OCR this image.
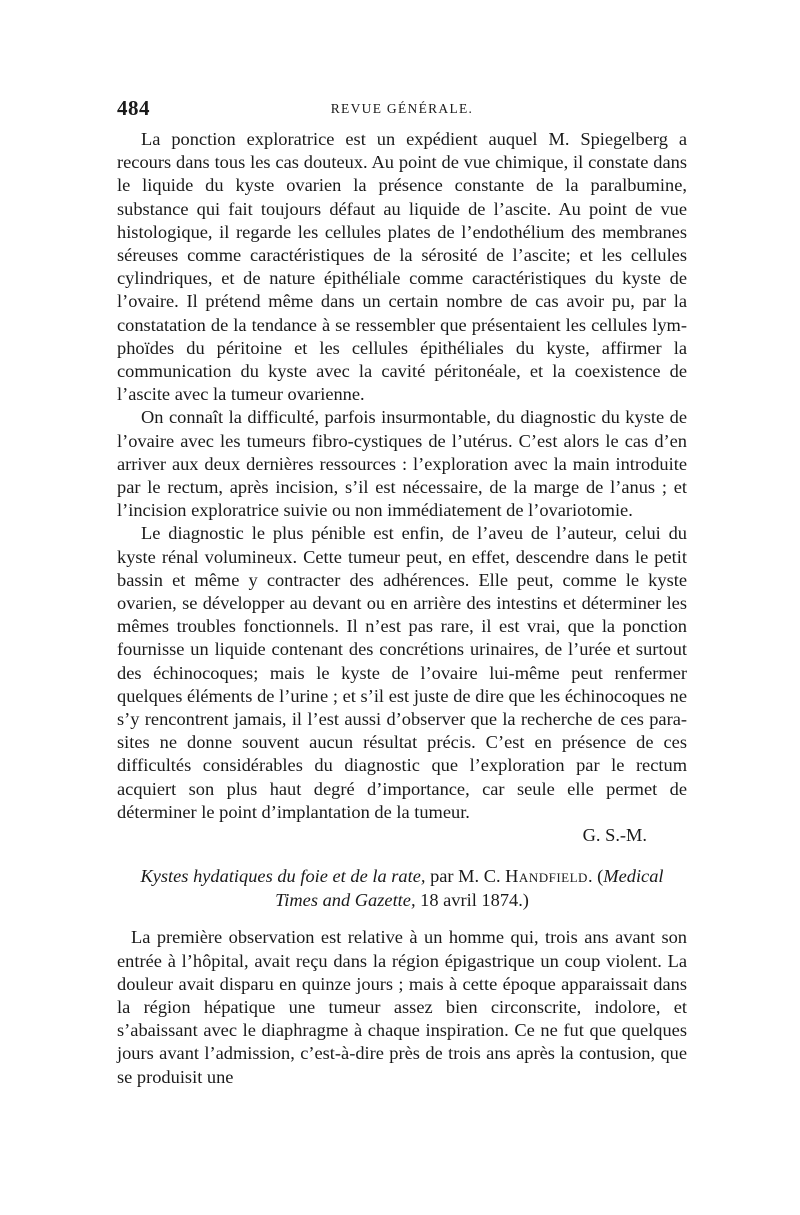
484	REVUE GÉNÉRALE.

La ponction exploratrice est un expédient auquel M. Spiegelberg a recours dans tous les cas douteux. Au point de vue chimique, il constate dans le liquide du kyste ovarien la présence constante de la paralbumine, substance qui fait toujours défaut au liquide de l’ascite. Au point de vue histologique, il regarde les cellules plates de l’endothélium des membranes séreuses comme caractéristiques de la sérosité de l’ascite; et les cellules cylindriques, et de nature épithéliale comme caractéristiques du kyste de l’ovaire. Il prétend même dans un certain nombre de cas avoir pu, par la constatation de la tendance à se ressembler que présentaient les cellules lymphoïdes du péritoine et les cellules épithéliales du kyste, affirmer la communication du kyste avec la cavité péritonéale, et la coexistence de l’ascite avec la tumeur ovarienne.

On connaît la difficulté, parfois insurmontable, du diagnostic du kyste de l’ovaire avec les tumeurs fibro-cystiques de l’utérus. C’est alors le cas d’en arriver aux deux dernières ressources : l’exploration avec la main introduite par le rectum, après incision, s’il est nécessaire, de la marge de l’anus ; et l’incision exploratrice suivie ou non immédiatement de l’ovariotomie.

Le diagnostic le plus pénible est enfin, de l’aveu de l’auteur, celui du kyste rénal volumineux. Cette tumeur peut, en effet, descendre dans le petit bassin et même y contracter des adhérences. Elle peut, comme le kyste ovarien, se développer au devant ou en arrière des intestins et déterminer les mêmes troubles fonctionnels. Il n’est pas rare, il est vrai, que la ponction fournisse un liquide contenant des concrétions urinaires, de l’urée et surtout des échinocoques; mais le kyste de l’ovaire lui-même peut renfermer quelques éléments de l’urine ; et s’il est juste de dire que les échinocoques ne s’y rencontrent jamais, il l’est aussi d’observer que la recherche de ces parasites ne donne souvent aucun résultat précis. C’est en présence de ces difficultés considérables du diagnostic que l’exploration par le rectum acquiert son plus haut degré d’importance, car seule elle permet de déterminer le point d’implantation de la tumeur.

G. S.-M.

Kystes hydatiques du foie et de la rate, par M. C. Handfield. (Medical Times and Gazette, 18 avril 1874.)

La première observation est relative à un homme qui, trois ans avant son entrée à l’hôpital, avait reçu dans la région épigastrique un coup violent. La douleur avait disparu en quinze jours ; mais à cette époque apparaissait dans la région hépatique une tumeur assez bien circonscrite, indolore, et s’abaissant avec le diaphragme à chaque inspiration. Ce ne fut que quelques jours avant l’admission, c’est-à-dire près de trois ans après la contusion, que se produisit une
